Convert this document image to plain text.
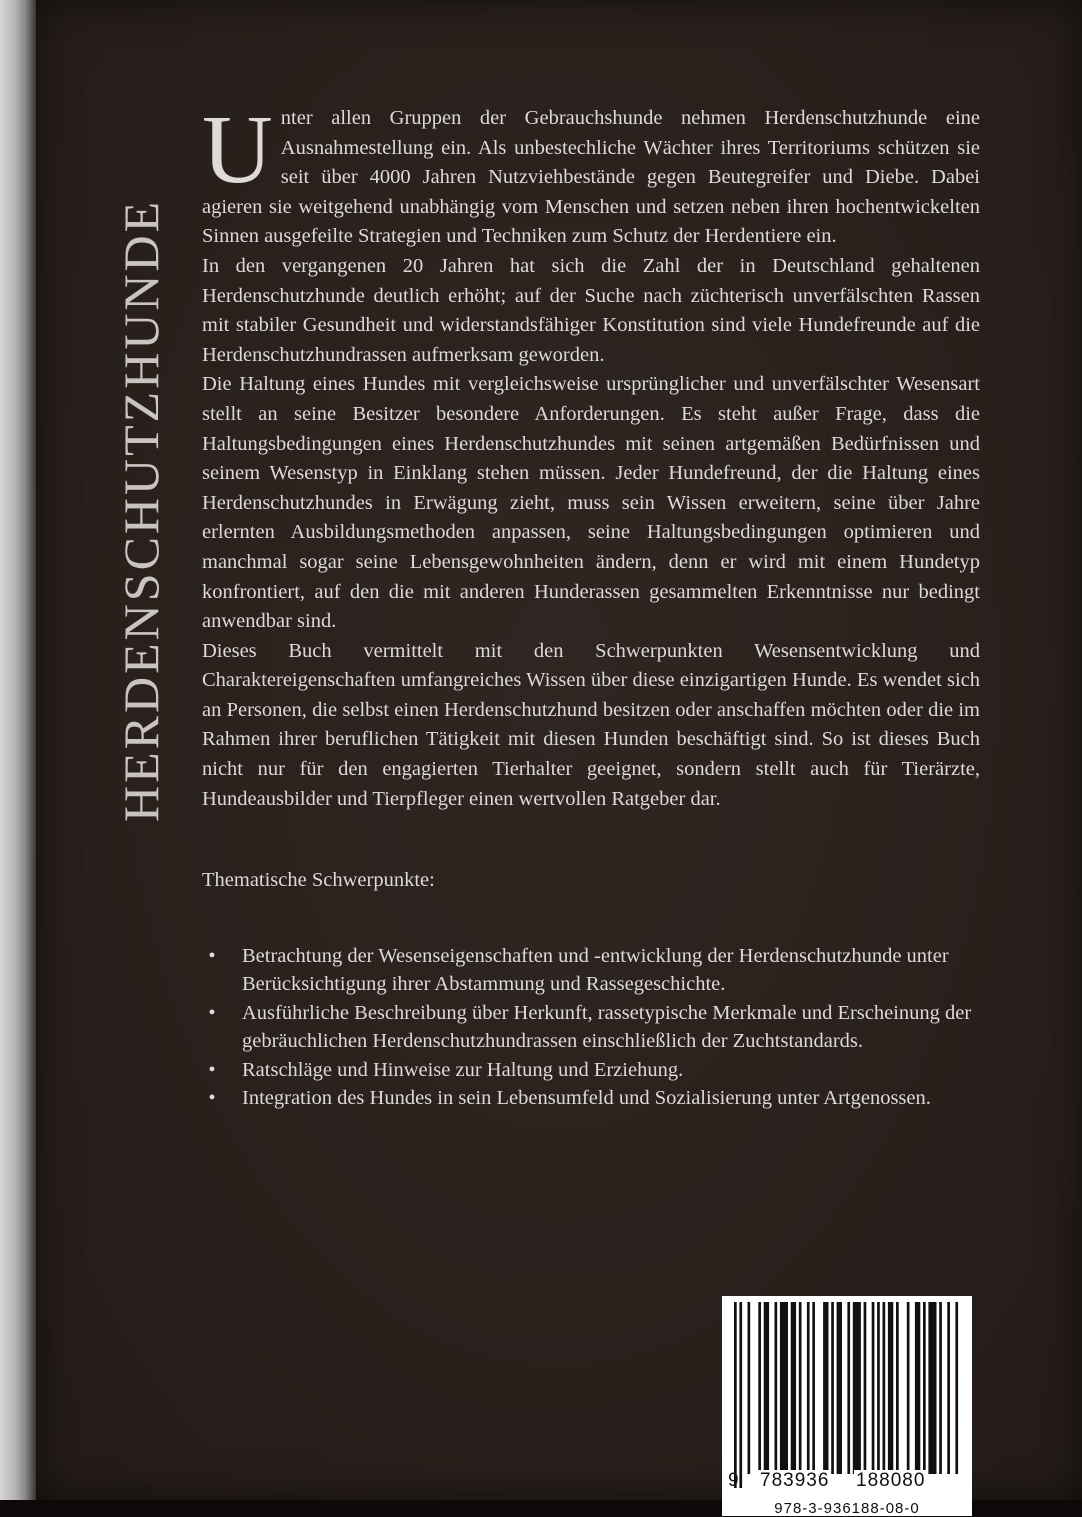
HERDENSCHUTZHUNDE

Unter allen Gruppen der Gebrauchshunde nehmen Herdenschutzhunde eine Ausnahmestellung ein. Als unbestechliche Wächter ihres Territoriums schützen sie seit über 4000 Jahren Nutzviehbestände gegen Beutegreifer und Diebe. Dabei agieren sie weitgehend unabhängig vom Menschen und setzen neben ihren hochentwickelten Sinnen ausgefeilte Strategien und Techniken zum Schutz der Herdentiere ein.

In den vergangenen 20 Jahren hat sich die Zahl der in Deutschland gehaltenen Herdenschutzhunde deutlich erhöht; auf der Suche nach züchterisch unverfälschten Rassen mit stabiler Gesundheit und widerstandsfähiger Konstitution sind viele Hundefreunde auf die Herdenschutzhundrassen aufmerksam geworden.

Die Haltung eines Hundes mit vergleichsweise ursprünglicher und unverfälschter Wesensart stellt an seine Besitzer besondere Anforderungen. Es steht außer Frage, dass die Haltungsbedingungen eines Herdenschutzhundes mit seinen artgemäßen Bedürfnissen und seinem Wesenstyp in Einklang stehen müssen. Jeder Hundefreund, der die Haltung eines Herdenschutzhundes in Erwägung zieht, muss sein Wissen erweitern, seine über Jahre erlernten Ausbildungsmethoden anpassen, seine Haltungsbedingungen optimieren und manchmal sogar seine Lebensgewohnheiten ändern, denn er wird mit einem Hundetyp konfrontiert, auf den die mit anderen Hunderassen gesammelten Erkenntnisse nur bedingt anwendbar sind.

Dieses Buch vermittelt mit den Schwerpunkten Wesensentwicklung und Charaktereigenschaften umfangreiches Wissen über diese einzigartigen Hunde. Es wendet sich an Personen, die selbst einen Herdenschutzhund besitzen oder anschaffen möchten oder die im Rahmen ihrer beruflichen Tätigkeit mit diesen Hunden beschäftigt sind. So ist dieses Buch nicht nur für den engagierten Tierhalter geeignet, sondern stellt auch für Tierärzte, Hundeausbilder und Tierpfleger einen wertvollen Ratgeber dar.

Thematische Schwerpunkte:

•	Betrachtung der Wesenseigenschaften und -entwicklung der Herdenschutzhunde unter Berücksichtigung ihrer Abstammung und Rassegeschichte.
•	Ausführliche Beschreibung über Herkunft, rassetypische Merkmale und Erscheinung der gebräuchlichen Herdenschutzhundrassen einschließlich der Zuchtstandards.
•	Ratschläge und Hinweise zur Haltung und Erziehung.
•	Integration des Hundes in sein Lebensumfeld und Sozialisierung unter Artgenossen.
9 783936 188080
978-3-936188-08-0
